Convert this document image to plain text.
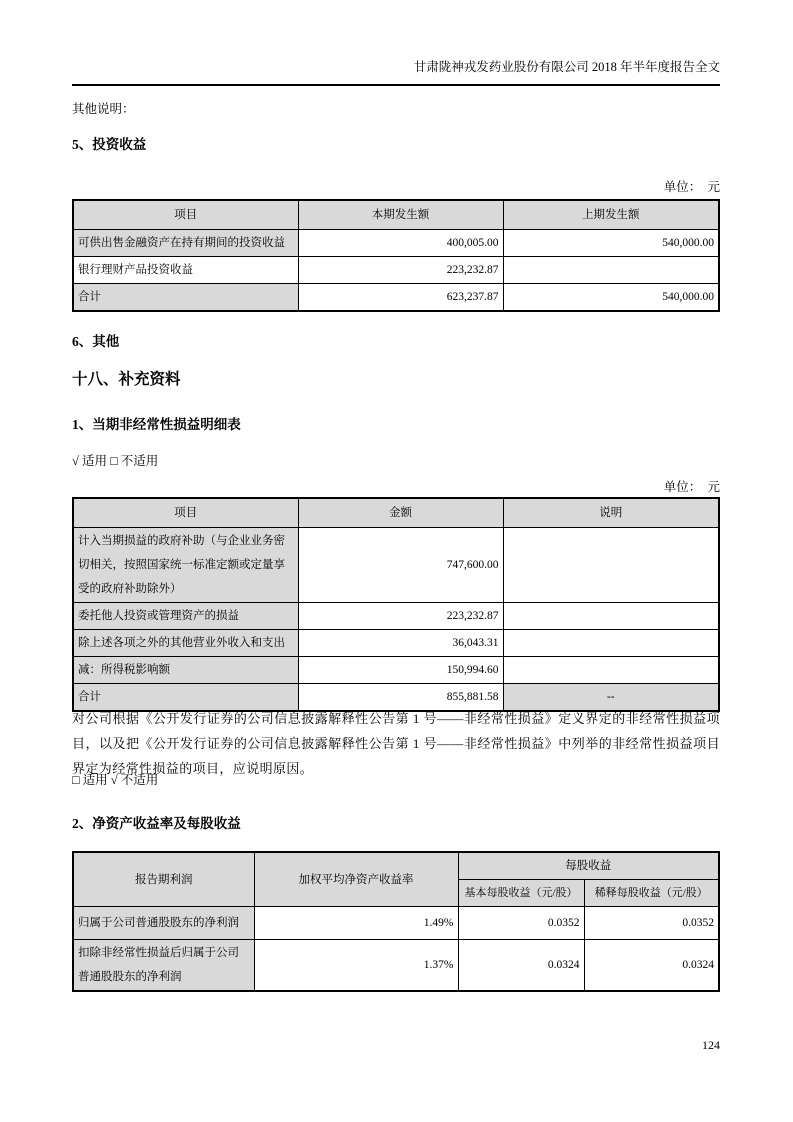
甘肃陇神戎发药业股份有限公司 2018 年半年度报告全文
其他说明：
5、投资收益
单位：　元
项目	本期发生额	上期发生额
可供出售金融资产在持有期间的投资收益	400,005.00	540,000.00
银行理财产品投资收益	223,232.87	
合计	623,237.87	540,000.00
6、其他
十八、补充资料
1、当期非经常性损益明细表
√ 适用 □ 不适用
单位：　元
项目	金额	说明
计入当期损益的政府补助（与企业业务密切相关，按照国家统一标准定额或定量享受的政府补助除外）	747,600.00	
委托他人投资或管理资产的损益	223,232.87	
除上述各项之外的其他营业外收入和支出	36,043.31	
减：所得税影响额	150,994.60	
合计	855,881.58	--
对公司根据《公开发行证券的公司信息披露解释性公告第 1 号——非经常性损益》定义界定的非经常性损益项目，以及把《公开发行证券的公司信息披露解释性公告第 1 号——非经常性损益》中列举的非经常性损益项目界定为经常性损益的项目，应说明原因。
□ 适用 √ 不适用
2、净资产收益率及每股收益
报告期利润	加权平均净资产收益率	每股收益	
		基本每股收益（元/股）	稀释每股收益（元/股）
归属于公司普通股股东的净利润	1.49%	0.0352	0.0352
扣除非经常性损益后归属于公司普通股股东的净利润	1.37%	0.0324	0.0324
124
